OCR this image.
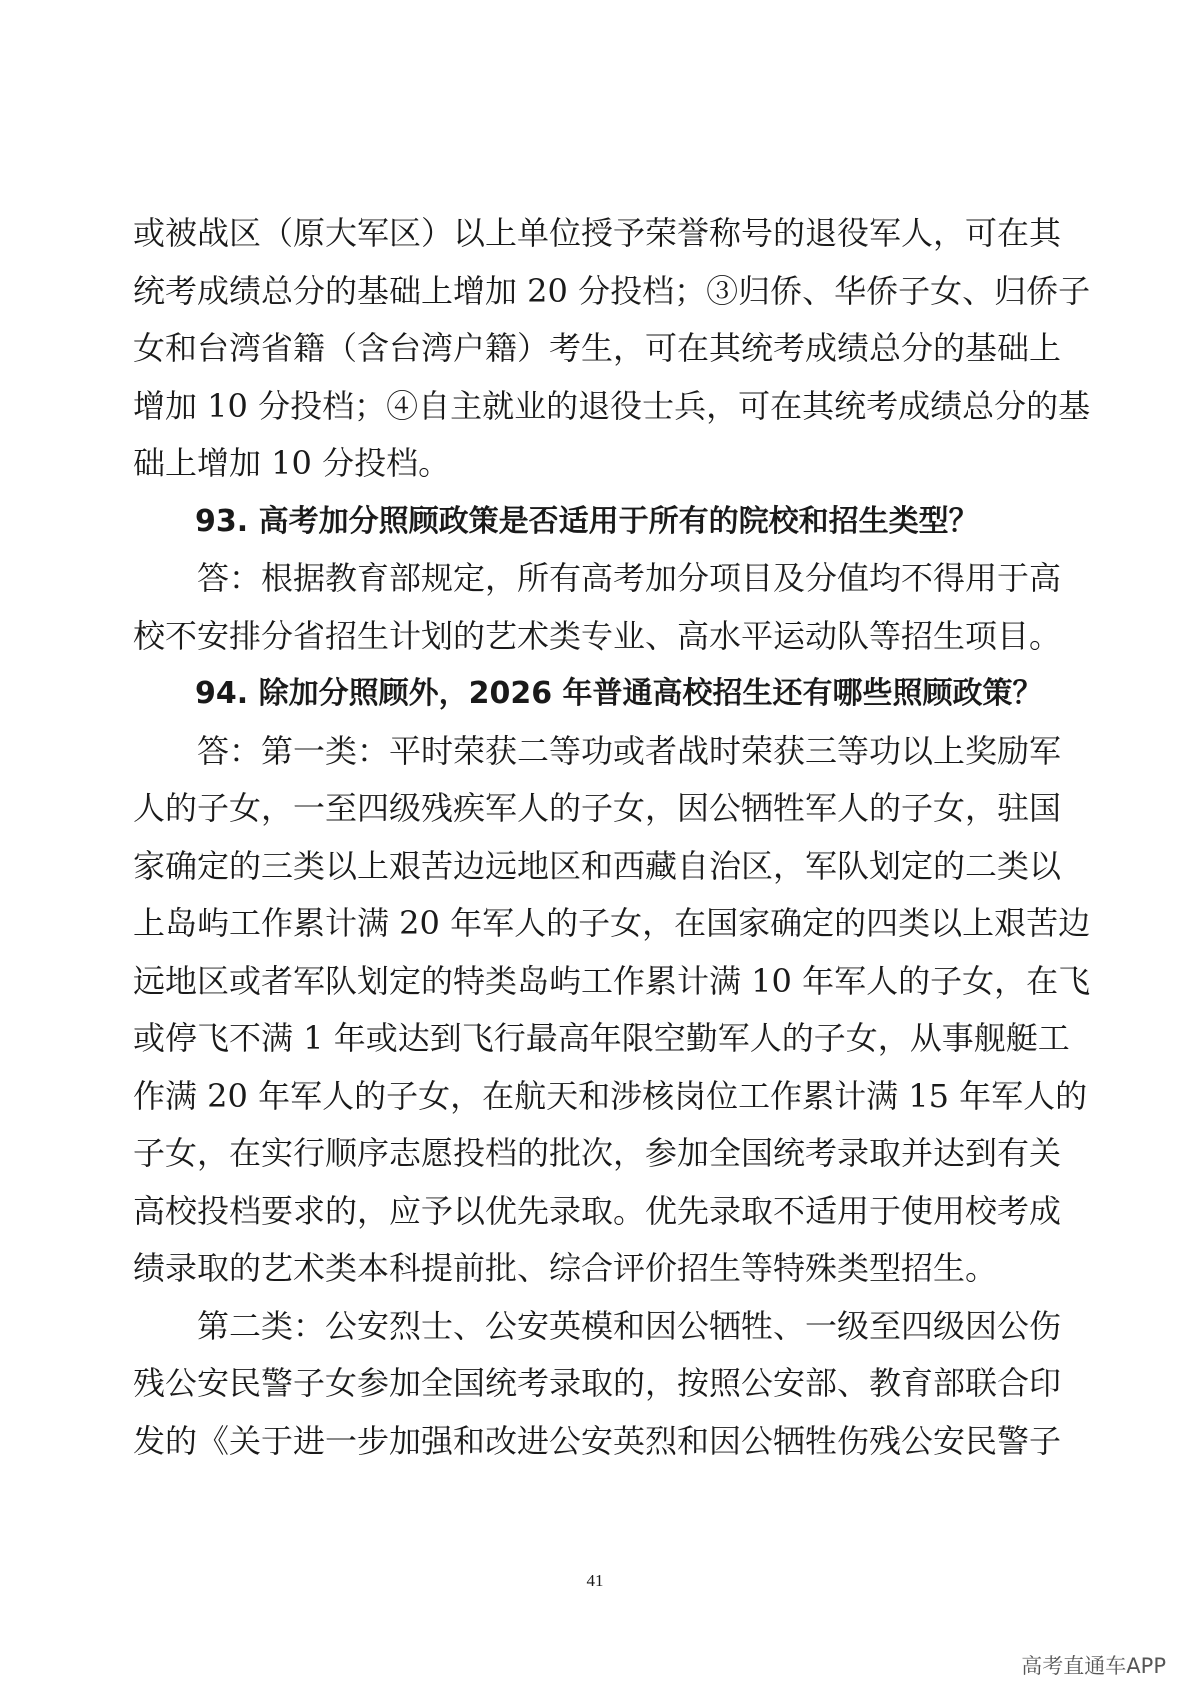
或被战区（原大军区）以上单位授予荣誉称号的退役军人，可在其
统考成绩总分的基础上增加 20 分投档；③归侨、华侨子女、归侨子
女和台湾省籍（含台湾户籍）考生，可在其统考成绩总分的基础上
增加 10 分投档；④自主就业的退役士兵，可在其统考成绩总分的基
础上增加 10 分投档。
93. 高考加分照顾政策是否适用于所有的院校和招生类型？
答：根据教育部规定，所有高考加分项目及分值均不得用于高
校不安排分省招生计划的艺术类专业、高水平运动队等招生项目。
94. 除加分照顾外，2026 年普通高校招生还有哪些照顾政策？
答：第一类：平时荣获二等功或者战时荣获三等功以上奖励军
人的子女，一至四级残疾军人的子女，因公牺牲军人的子女，驻国
家确定的三类以上艰苦边远地区和西藏自治区，军队划定的二类以
上岛屿工作累计满 20 年军人的子女，在国家确定的四类以上艰苦边
远地区或者军队划定的特类岛屿工作累计满 10 年军人的子女，在飞
或停飞不满 1 年或达到飞行最高年限空勤军人的子女，从事舰艇工
作满 20 年军人的子女，在航天和涉核岗位工作累计满 15 年军人的
子女，在实行顺序志愿投档的批次，参加全国统考录取并达到有关
高校投档要求的，应予以优先录取。优先录取不适用于使用校考成
绩录取的艺术类本科提前批、综合评价招生等特殊类型招生。
第二类：公安烈士、公安英模和因公牺牲、一级至四级因公伤
残公安民警子女参加全国统考录取的，按照公安部、教育部联合印
发的《关于进一步加强和改进公安英烈和因公牺牲伤残公安民警子
41
高考直通车APP
